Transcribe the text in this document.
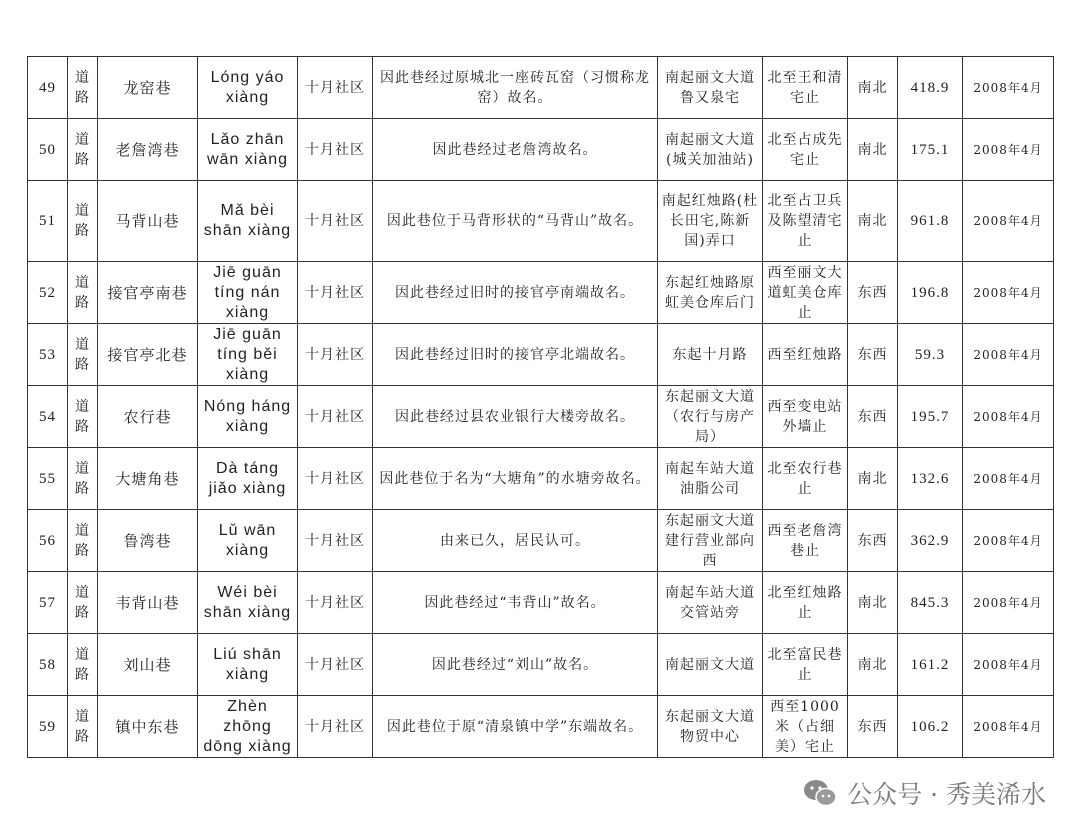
49	道路	龙窑巷	Lóng yáo xiàng	十月社区	因此巷经过原城北一座砖瓦窑（习惯称龙窑）故名。	南起丽文大道鲁又泉宅	北至王和清宅止	南北	418.9	2008年4月
50	道路	老詹湾巷	Lǎo zhān wān xiàng	十月社区	因此巷经过老詹湾故名。	南起丽文大道(城关加油站)	北至占成先宅止	南北	175.1	2008年4月
51	道路	马背山巷	Mǎ bèi shān xiàng	十月社区	因此巷位于马背形状的“马背山”故名。	南起红烛路(杜长田宅,陈新国)弄口	北至占卫兵及陈望清宅止	南北	961.8	2008年4月
52	道路	接官亭南巷	Jiē guān tíng nán xiàng	十月社区	因此巷经过旧时的接官亭南端故名。	东起红烛路原虹美仓库后门	西至丽文大道虹美仓库止	东西	196.8	2008年4月
53	道路	接官亭北巷	Jiē guān tíng běi xiàng	十月社区	因此巷经过旧时的接官亭北端故名。	东起十月路	西至红烛路	东西	59.3	2008年4月
54	道路	农行巷	Nóng háng xiàng	十月社区	因此巷经过县农业银行大楼旁故名。	东起丽文大道（农行与房产局）	西至变电站外墙止	东西	195.7	2008年4月
55	道路	大塘角巷	Dà táng jiǎo xiàng	十月社区	因此巷位于名为“大塘角”的水塘旁故名。	南起车站大道油脂公司	北至农行巷止	南北	132.6	2008年4月
56	道路	鲁湾巷	Lǔ wān xiàng	十月社区	由来已久，居民认可。	东起丽文大道建行营业部向西	西至老詹湾巷止	东西	362.9	2008年4月
57	道路	韦背山巷	Wéi bèi shān xiàng	十月社区	因此巷经过“韦背山”故名。	南起车站大道交管站旁	北至红烛路止	南北	845.3	2008年4月
58	道路	刘山巷	Liú shān xiàng	十月社区	因此巷经过“刘山”故名。	南起丽文大道	北至富民巷止	南北	161.2	2008年4月
59	道路	镇中东巷	Zhèn zhōng dōng xiàng	十月社区	因此巷位于原“清泉镇中学”东端故名。	东起丽文大道物贸中心	西至1000米（占细美）宅止	东西	106.2	2008年4月
公众号 · 秀美浠水
